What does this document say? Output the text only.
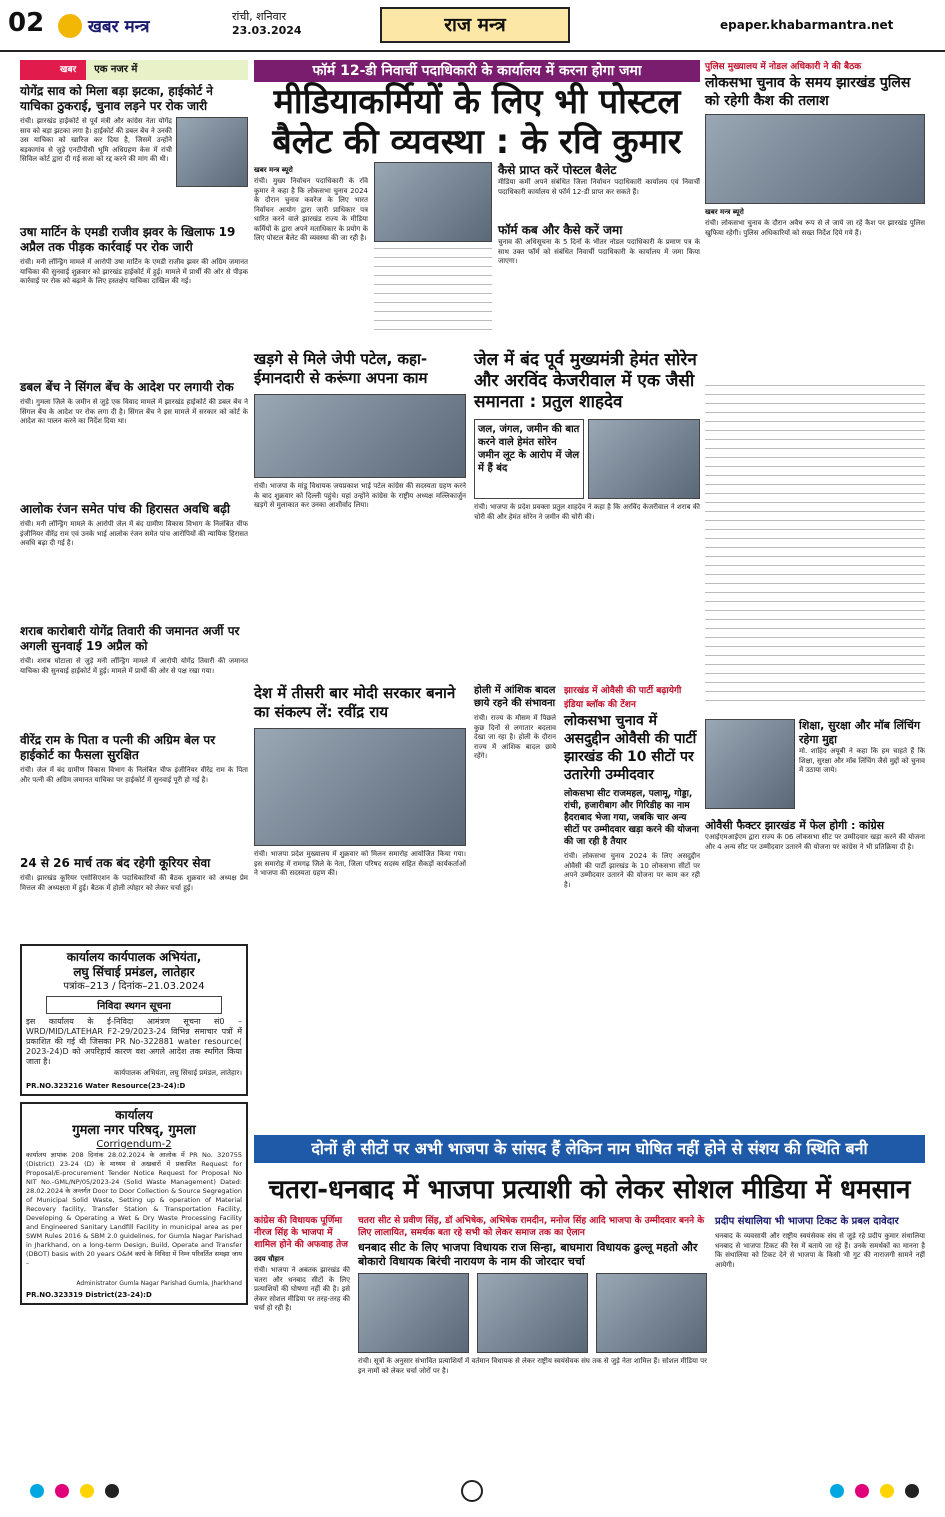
02	खबर मन्त्र
रांची, शनिवार
23.03.2024	राज मन्त्र	epaper.khabarmantra.net
खबर	एक नजर में
योगेंद्र साव को मिला बड़ा झटका, हाईकोर्ट ने याचिका ठुकराई, चुनाव लड़ने पर रोक जारी
रांची। झारखंड हाईकोर्ट से पूर्व मंत्री और कांग्रेस नेता योगेंद्र साव को बड़ा झटका लगा है। हाईकोर्ट की डबल बेंच ने उनकी उस याचिका को खारिज कर दिया है, जिसमें उन्होंने बड़कागांव से जुड़े एनटीपीसी भूमि अधिग्रहण केस में रांची सिविल कोर्ट द्वारा दी गई सजा को रद्द करने की मांग की थी।
उषा मार्टिन के एमडी राजीव झवर के खिलाफ 19 अप्रैल तक पीड़क कार्रवाई पर रोक जारी
रांची। मनी लॉन्ड्रिंग मामले में आरोपी उषा मार्टिन के एमडी राजीव झवर की अग्रिम जमानत याचिका की सुनवाई शुक्रवार को झारखंड हाईकोर्ट में हुई। मामले में प्रार्थी की ओर से पीड़क कार्रवाई पर रोक को बढ़ाने के लिए हस्तक्षेप याचिका दाखिल की गई।
डबल बेंच ने सिंगल बेंच के आदेश पर लगायी रोक
रांची। गुमला जिले के जमीन से जुड़े एक विवाद मामले में झारखंड हाईकोर्ट की डबल बेंच ने सिंगल बेंच के आदेश पर रोक लगा दी है। सिंगल बेंच ने इस मामले में सरकार को कोर्ट के आदेश का पालन करने का निर्देश दिया था।
आलोक रंजन समेत पांच की हिरासत अवधि बढ़ी
रांची। मनी लॉन्ड्रिंग मामले के आरोपी जेल में बंद ग्रामीण विकास विभाग के निलंबित चीफ इंजीनियर वीरेंद्र राम एवं उनके भाई आलोक रंजन समेत पांच आरोपियों की न्यायिक हिरासत अवधि बढ़ा दी गई है।
शराब कारोबारी योगेंद्र तिवारी की जमानत अर्जी पर अगली सुनवाई 19 अप्रैल को
रांची। शराब घोटाला से जुड़े मनी लॉन्ड्रिंग मामले में आरोपी योगेंद्र तिवारी की जमानत याचिका की सुनवाई हाईकोर्ट में हुई। मामले में प्रार्थी की ओर से पक्ष रखा गया।
वीरेंद्र राम के पिता व पत्नी की अग्रिम बेल पर हाईकोर्ट का फैसला सुरक्षित
रांची। जेल में बंद ग्रामीण विकास विभाग के निलंबित चीफ इंजीनियर वीरेंद्र राम के पिता और पत्नी की अग्रिम जमानत याचिका पर हाईकोर्ट में सुनवाई पूरी हो गई है।
24 से 26 मार्च तक बंद रहेगी कूरियर सेवा
रांची। झारखंड कूरियर एसोसिएशन के पदाधिकारियों की बैठक शुक्रवार को अध्यक्ष प्रेम मित्तल की अध्यक्षता में हुई। बैठक में होली त्योहार को लेकर चर्चा हुई।
कार्यालय कार्यपालक अभियंता,
लघु सिंचाई प्रमंडल, लातेहार
पत्रांक–213 / दिनांक–21.03.2024
निविदा स्थगन सूचना
इस कार्यालय के ई-निविदा आमंत्रण सूचना सं0 – WRD/MID/LATEHAR F2-29/2023-24 विभिन्न समाचार पत्रों में प्रकाशित की गई थी जिसका PR No-322881 water resource( 2023-24)D को अपरिहार्य कारण वश अगले आदेश तक स्थगित किया जाता है।
कार्यपालक अभियंता, लघु सिंचाई प्रमंडल, लातेहार।
PR.NO.323216 Water Resource(23-24):D
कार्यालय
गुमला नगर परिषद्, गुमला
Corrigendum-2
कार्यालय ज्ञापांक 208 दिनांक 28.02.2024 के आलोक में PR No. 320755 (District) 23-24 (D) के माध्यम से अखबारों में प्रकाशित Request for Proposal/E-procurement Tender Notice Request for Proposal No NIT No.-GML/NP/05/2023-24 (Solid Waste Management) Dated: 28.02.2024 के अन्तर्गत Door to Door Collection & Source Segregation of Municipal Solid Waste, Setting up & operation of Material Recovery facility, Transfer Station & Transportation Facility, Developing & Operating a Wet & Dry Waste Processing Facility and Engineered Sanitary Landfill Facility in municipal area as per SWM Rules 2016 & SBM 2.0 guidelines, for Gumla Nagar Parishad in Jharkhand, on a long-term Design, Build, Operate and Transfer (DBOT) basis with 20 years O&M कार्य के निविदा में निम्न परिवर्तित समझा जाय –
Administrator Gumla Nagar Parishad Gumla, Jharkhand
PR.NO.323319 District(23-24):D
फॉर्म 12-डी निवार्ची पदाधिकारी के कार्यालय में करना होगा जमा
मीडियाकर्मियों के लिए भी पोस्टल
बैलेट की व्यवस्था : के रवि कुमार
खबर मन्त्र ब्यूरो
रांची। मुख्य निर्वाचन पदाधिकारी के रवि कुमार ने कहा है कि लोकसभा चुनाव 2024 के दौरान चुनाव कवरेज के लिए भारत निर्वाचन आयोग द्वारा जारी प्राधिकार पत्र धारित करने वाले झारखंड राज्य के मीडिया कर्मियों के द्वारा अपने मताधिकार के प्रयोग के लिए पोस्टल बैलेट की व्यवस्था की जा रही है।
कैसे प्राप्त करें पोस्टल बैलेट
मीडिया कर्मी अपने संबंधित जिला निर्वाचन पदाधिकारी कार्यालय एवं निवार्ची पदाधिकारी कार्यालय से फॉर्म 12-डी प्राप्त कर सकते हैं।
फॉर्म कब और कैसे करें जमा
चुनाव की अधिसूचना के 5 दिनों के भीतर नोडल पदाधिकारी के प्रमाण पत्र के साथ उक्त फॉर्म को संबंधित निवार्ची पदाधिकारी के कार्यालय में जमा किया जाएगा।
खड़गे से मिले जेपी पटेल, कहा- ईमानदारी से करूंगा अपना काम
रांची। भाजपा के मांडू विधायक जयप्रकाश भाई पटेल कांग्रेस की सदस्यता ग्रहण करने के बाद शुक्रवार को दिल्ली पहुंचे। यहां उन्होंने कांग्रेस के राष्ट्रीय अध्यक्ष मल्लिकार्जुन खड़गे से मुलाकात कर उनका आशीर्वाद लिया।
जेल में बंद पूर्व मुख्यमंत्री हेमंत सोरेन और अरविंद केजरीवाल में एक जैसी समानता : प्रतुल शाहदेव
जल, जंगल, जमीन की बात करने वाले हेमंत सोरेन जमीन लूट के आरोप में जेल में हैं बंद
रांची। भाजपा के प्रदेश प्रवक्ता प्रतुल शाहदेव ने कहा है कि अरविंद केजरीवाल ने शराब की चोरी की और हेमंत सोरेन ने जमीन की चोरी की।
देश में तीसरी बार मोदी सरकार बनाने का संकल्प लें: रवींद्र राय
रांची। भाजपा प्रदेश मुख्यालय में शुक्रवार को मिलन समारोह आयोजित किया गया। इस समारोह में रामगढ़ जिले के नेता, जिला परिषद सदस्य सहित सैकड़ों कार्यकर्ताओं ने भाजपा की सदस्यता ग्रहण की।
होली में आंशिक बादल छाये रहने की संभावना
रांची। राज्य के मौसम में पिछले कुछ दिनों से लगातार बदलाव देखा जा रहा है। होली के दौरान राज्य में आंशिक बादल छाये रहेंगे।
झारखंड में ओवैसी की पार्टी बढ़ायेगी इंडिया ब्लॉक की टेंशन
लोकसभा चुनाव में असदुद्दीन ओवैसी की पार्टी झारखंड की 10 सीटों पर उतारेगी उम्मीदवार
लोकसभा सीट राजमहल, पलामू, गोड्डा, रांची, हजारीबाग और गिरिडीह का नाम हैदराबाद भेजा गया, जबकि चार अन्य सीटों पर उम्मीदवार खड़ा करने की योजना की जा रही है तैयार
रांची। लोकसभा चुनाव 2024 के लिए असदुद्दीन ओवैसी की पार्टी झारखंड के 10 लोकसभा सीटों पर अपने उम्मीदवार उतारने की योजना पर काम कर रही है।
पुलिस मुख्यालय में नोडल अधिकारी ने की बैठक
लोकसभा चुनाव के समय झारखंड पुलिस को रहेगी कैश की तलाश
खबर मन्त्र ब्यूरो
रांची। लोकसभा चुनाव के दौरान अवैध रूप से ले जाये जा रहे कैश पर झारखंड पुलिस खुफिया रहेगी। पुलिस अधिकारियों को सख्त निर्देश दिये गये हैं।
शिक्षा, सुरक्षा और मॉब लिंचिंग रहेगा मुद्दा
मो. शाहिद अयूबी ने कहा कि हम चाहते हैं कि शिक्षा, सुरक्षा और मॉब लिंचिंग जैसे मुद्दों को चुनाव में उठाया जाये।
ओवैसी फैक्टर झारखंड में फेल होगी : कांग्रेस
एआईएमआईएम द्वारा राज्य के 06 लोकसभा सीट पर उम्मीदवार खड़ा करने की योजना और 4 अन्य सीट पर उम्मीदवार उतारने की योजना पर कांग्रेस ने भी प्रतिक्रिया दी है।
दोनों ही सीटों पर अभी भाजपा के सांसद हैं लेकिन नाम घोषित नहीं होने से संशय की स्थिति बनी
चतरा-धनबाद में भाजपा प्रत्याशी को लेकर सोशल मीडिया में धमसान
कांग्रेस की विधायक पूर्णिमा नीरज सिंह के भाजपा में शामिल होने की अफवाह तेज
उदय चौहान
रांची। भाजपा ने अबतक झारखंड की चतरा और धनबाद सीटों के लिए प्रत्याशियों की घोषणा नहीं की है। इसे लेकर सोशल मीडिया पर तरह-तरह की चर्चा हो रही है।
चतरा सीट से प्रवीण सिंह, डॉ अभिषेक, अभिषेक रामदीन, मनोज सिंह आदि भाजपा के उम्मीदवार बनने के लिए लालायित, समर्थक बता रहे सभी को लेकर समाज तक का ऐलान
धनबाद सीट के लिए भाजपा विधायक राज सिन्हा, बाघमारा विधायक ढुल्लू महतो और बोकारो विधायक बिरंची नारायण के नाम की जोरदार चर्चा
रांची। सूत्रों के अनुसार संभावित प्रत्याशियों में वर्तमान विधायक से लेकर राष्ट्रीय स्वयंसेवक संघ तक से जुड़े नेता शामिल हैं। सोशल मीडिया पर इन नामों को लेकर चर्चा जोरों पर है।
प्रदीप संथालिया भी भाजपा टिकट के प्रबल दावेदार
धनबाद के व्यवसायी और राष्ट्रीय स्वयंसेवक संघ से जुड़े रहे प्रदीप कुमार संथालिया धनबाद से भाजपा टिकट की रेस में बताये जा रहे हैं। उनके समर्थकों का मानना है कि संथालिया को टिकट देने से भाजपा के किसी भी गुट की नाराजगी सामने नहीं आयेगी।
